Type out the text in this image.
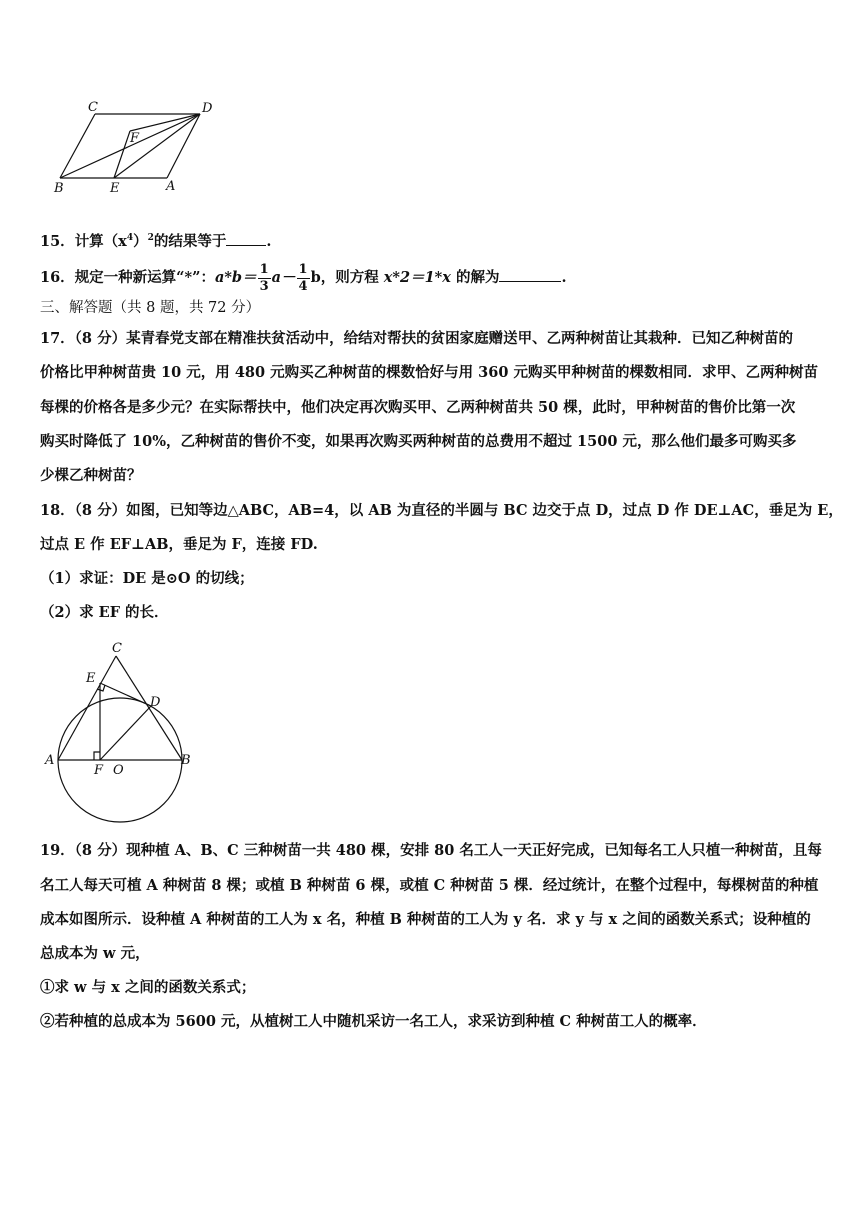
C	D
F
B	E	A
15．计算$(x^4)^2$的结果等于	.
16．规定一种新运算“*”：$a*b= \frac{1}{3} a- \frac{1}{4}$ b，则方程 x*2＝1*x 的解为	.
三、解答题（共 8 题，共 72 分）
17．（8 分）某青春党支部在精准扶贫活动中，给结对帮扶的贫困家庭赠送甲、乙两种树苗让其栽种．已知乙种树苗的
价格比甲种树苗贵 10 元，用 480 元购买乙种树苗的棵数恰好与用 360 元购买甲种树苗的棵数相同．求甲、乙两种树苗
每棵的价格各是多少元？在实际帮扶中，他们决定再次购买甲、乙两种树苗共 50 棵，此时，甲种树苗的售价比第一次
购买时降低了 10%，乙种树苗的售价不变，如果再次购买两种树苗的总费用不超过 1500 元，那么他们最多可购买多
少棵乙种树苗？
18．（8 分）如图，已知等边△ABC，AB=4，以 AB 为直径的半圆与 BC 边交于点 D，过点 D 作 DE⊥AC，垂足为 E，
过点 E 作 EF⊥AB，垂足为 F，连接 FD.
（1）求证：DE 是⊙O 的切线；
（2）求 EF 的长．
C
E
D
A
F O
B
19．（8 分）现种植 A、B、C 三种树苗一共 480 棵，安排 80 名工人一天正好完成，已知每名工人只植一种树苗，且每
名工人每天可植 A 种树苗 8 棵；或植 B 种树苗 6 棵，或植 C 种树苗 5 棵．经过统计，在整个过程中，每棵树苗的种植
成本如图所示．设种植 A 种树苗的工人为 x 名，种植 B 种树苗的工人为 y 名．求 y 与 x 之间的函数关系式；设种植的
总成本为 w 元，
①求 w 与 x 之间的函数关系式；
②若种植的总成本为 5600 元，从植树工人中随机采访一名工人，求采访到种植 C 种树苗工人的概率．
